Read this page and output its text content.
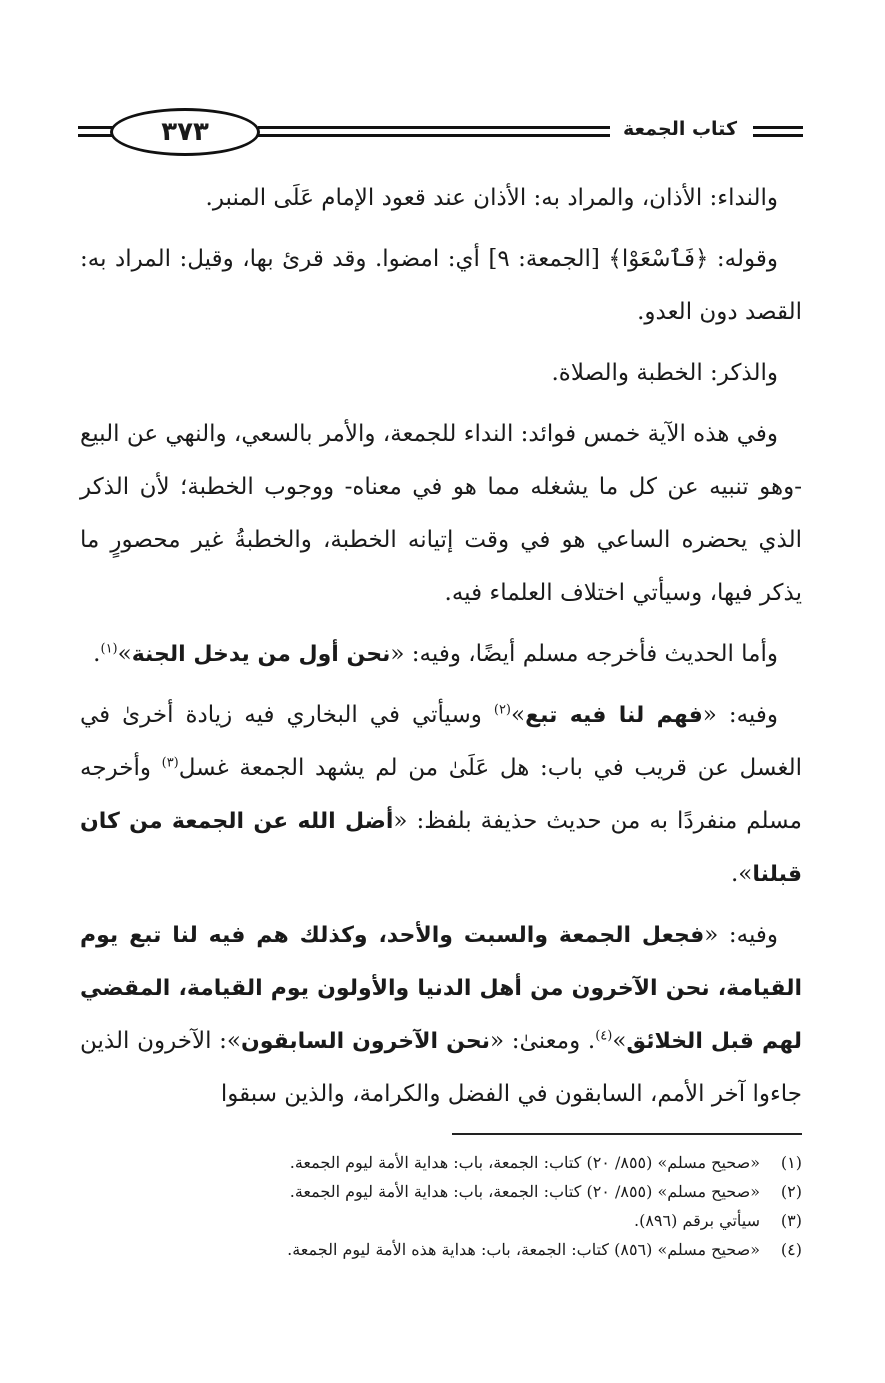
٣٧٣	كتاب الجمعة

والنداء: الأذان، والمراد به: الأذان عند قعود الإمام عَلَى المنبر.

وقوله: ﴿فَٱسْعَوْا﴾ [الجمعة: ٩] أي: امضوا. وقد قرئ بها، وقيل: المراد به: القصد دون العدو.

والذكر: الخطبة والصلاة.

وفي هذه الآية خمس فوائد: النداء للجمعة، والأمر بالسعي، والنهي عن البيع -وهو تنبيه عن كل ما يشغله مما هو في معناه- ووجوب الخطبة؛ لأن الذكر الذي يحضره الساعي هو في وقت إتيانه الخطبة، والخطبةُ غير محصورٍ ما يذكر فيها، وسيأتي اختلاف العلماء فيه.

وأما الحديث فأخرجه مسلم أيضًا، وفيه: «نحن أول من يدخل الجنة»$^{(١)}$.

وفيه: «فهم لنا فيه تبع»$^{(٢)}$ وسيأتي في البخاري فيه زيادة أخرىٰ في الغسل عن قريب في باب: هل عَلَىٰ من لم يشهد الجمعة غسل$^{(٣)}$ وأخرجه مسلم منفردًا به من حديث حذيفة بلفظ: «أضل الله عن الجمعة من كان قبلنا».

وفيه: «فجعل الجمعة والسبت والأحد، وكذلك هم فيه لنا تبع يوم القيامة، نحن الآخرون من أهل الدنيا والأولون يوم القيامة، المقضي لهم قبل الخلائق»$^{(٤)}$. ومعنىٰ: «نحن الآخرون السابقون»: الآخرون الذين جاءوا آخر الأمم، السابقون في الفضل والكرامة، والذين سبقوا

(١)«صحيح مسلم» (٨٥٥/ ٢٠) كتاب: الجمعة، باب: هداية الأمة ليوم الجمعة.

(٢)«صحيح مسلم» (٨٥٥/ ٢٠) كتاب: الجمعة، باب: هداية الأمة ليوم الجمعة.

(٣)سيأتي برقم (٨٩٦).

(٤)«صحيح مسلم» (٨٥٦) كتاب: الجمعة، باب: هداية هذه الأمة ليوم الجمعة.
